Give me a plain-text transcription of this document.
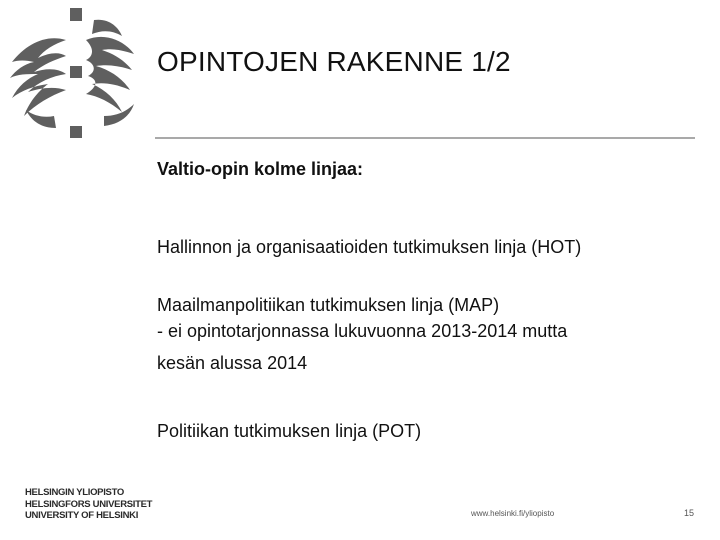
OPINTOJEN RAKENNE 1/2
Valtio-opin kolme linjaa:
Hallinnon ja organisaatioiden tutkimuksen linja (HOT)
Maailmanpolitiikan tutkimuksen linja (MAP)
- ei opintotarjonnassa lukuvuonna 2013-2014 mutta
kesän alussa 2014
Politiikan tutkimuksen linja (POT)
HELSINGIN YLIOPISTO
HELSINGFORS UNIVERSITET
UNIVERSITY OF HELSINKI	www.helsinki.fi/yliopisto	15
